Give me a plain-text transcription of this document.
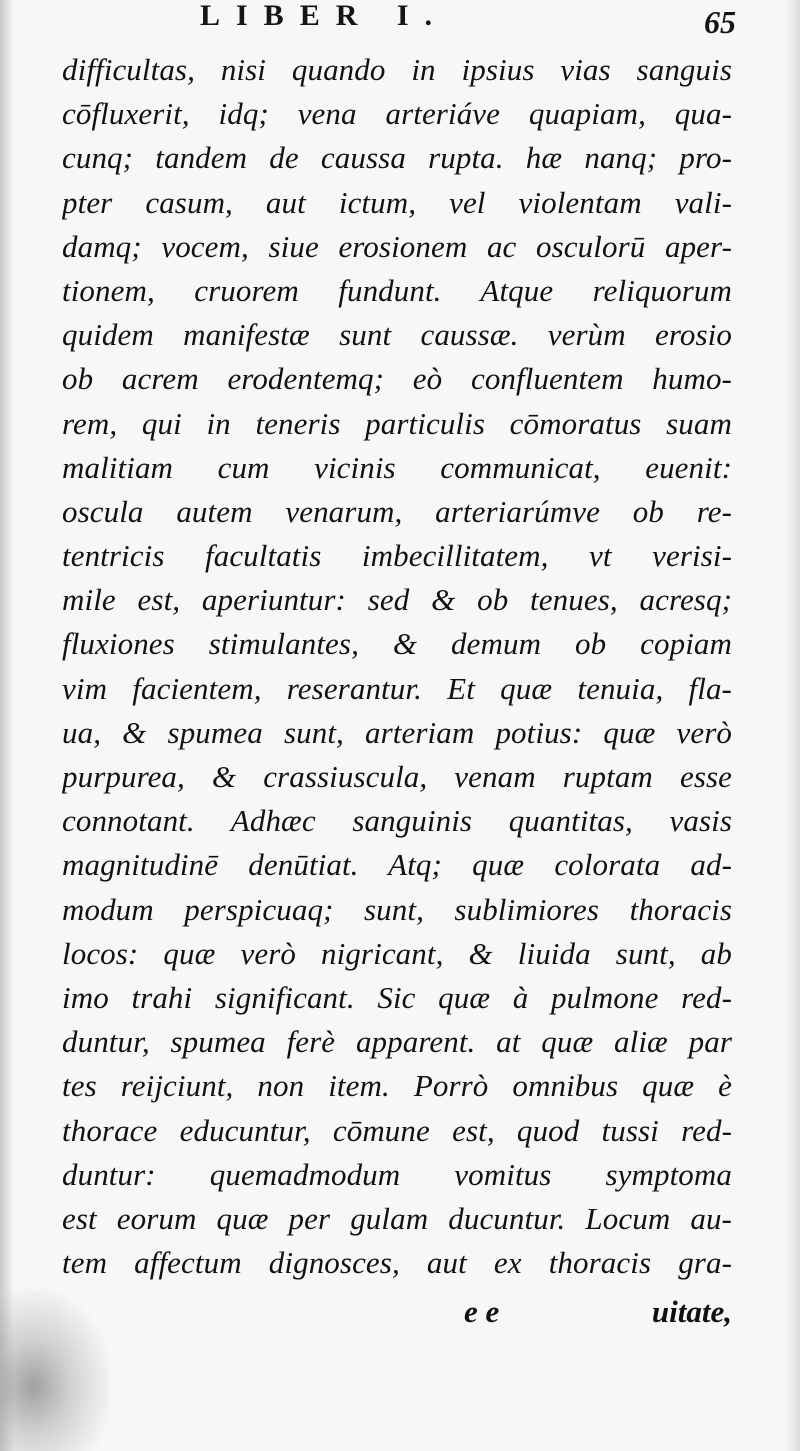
LIBER I.	65
difficultas, nisi quando in ipsius vias sanguis
cōfluxerit, idq; vena arteriáve quapiam, qua-
cunq; tandem de caussa rupta. hæ nanq; pro-
pter casum, aut ictum, vel violentam vali-
damq; vocem, siue erosionem ac osculorū aper-
tionem, cruorem fundunt. Atque reliquorum
quidem manifestæ sunt caussæ. verùm erosio
ob acrem erodentemq; eò confluentem humo-
rem, qui in teneris particulis cōmoratus suam
malitiam cum vicinis communicat, euenit:
oscula autem venarum, arteriarúmve ob re-
tentricis facultatis imbecillitatem, vt verisi-
mile est, aperiuntur: sed & ob tenues, acresq;
fluxiones stimulantes, & demum ob copiam
vim facientem, reserantur. Et quæ tenuia, fla-
ua, & spumea sunt, arteriam potius: quæ verò
purpurea, & crassiuscula, venam ruptam esse
connotant. Adhæc sanguinis quantitas, vasis
magnitudinē denūtiat. Atq; quæ colorata ad-
modum perspicuaq; sunt, sublimiores thoracis
locos: quæ verò nigricant, & liuida sunt, ab
imo trahi significant. Sic quæ à pulmone red-
duntur, spumea ferè apparent. at quæ aliæ par
tes reijciunt, non item. Porrò omnibus quæ è
thorace educuntur, cōmune est, quod tussi red-
duntur: quemadmodum vomitus symptoma
est eorum quæ per gulam ducuntur. Locum au-
tem affectum dignosces, aut ex thoracis gra-
e e	uitate,
